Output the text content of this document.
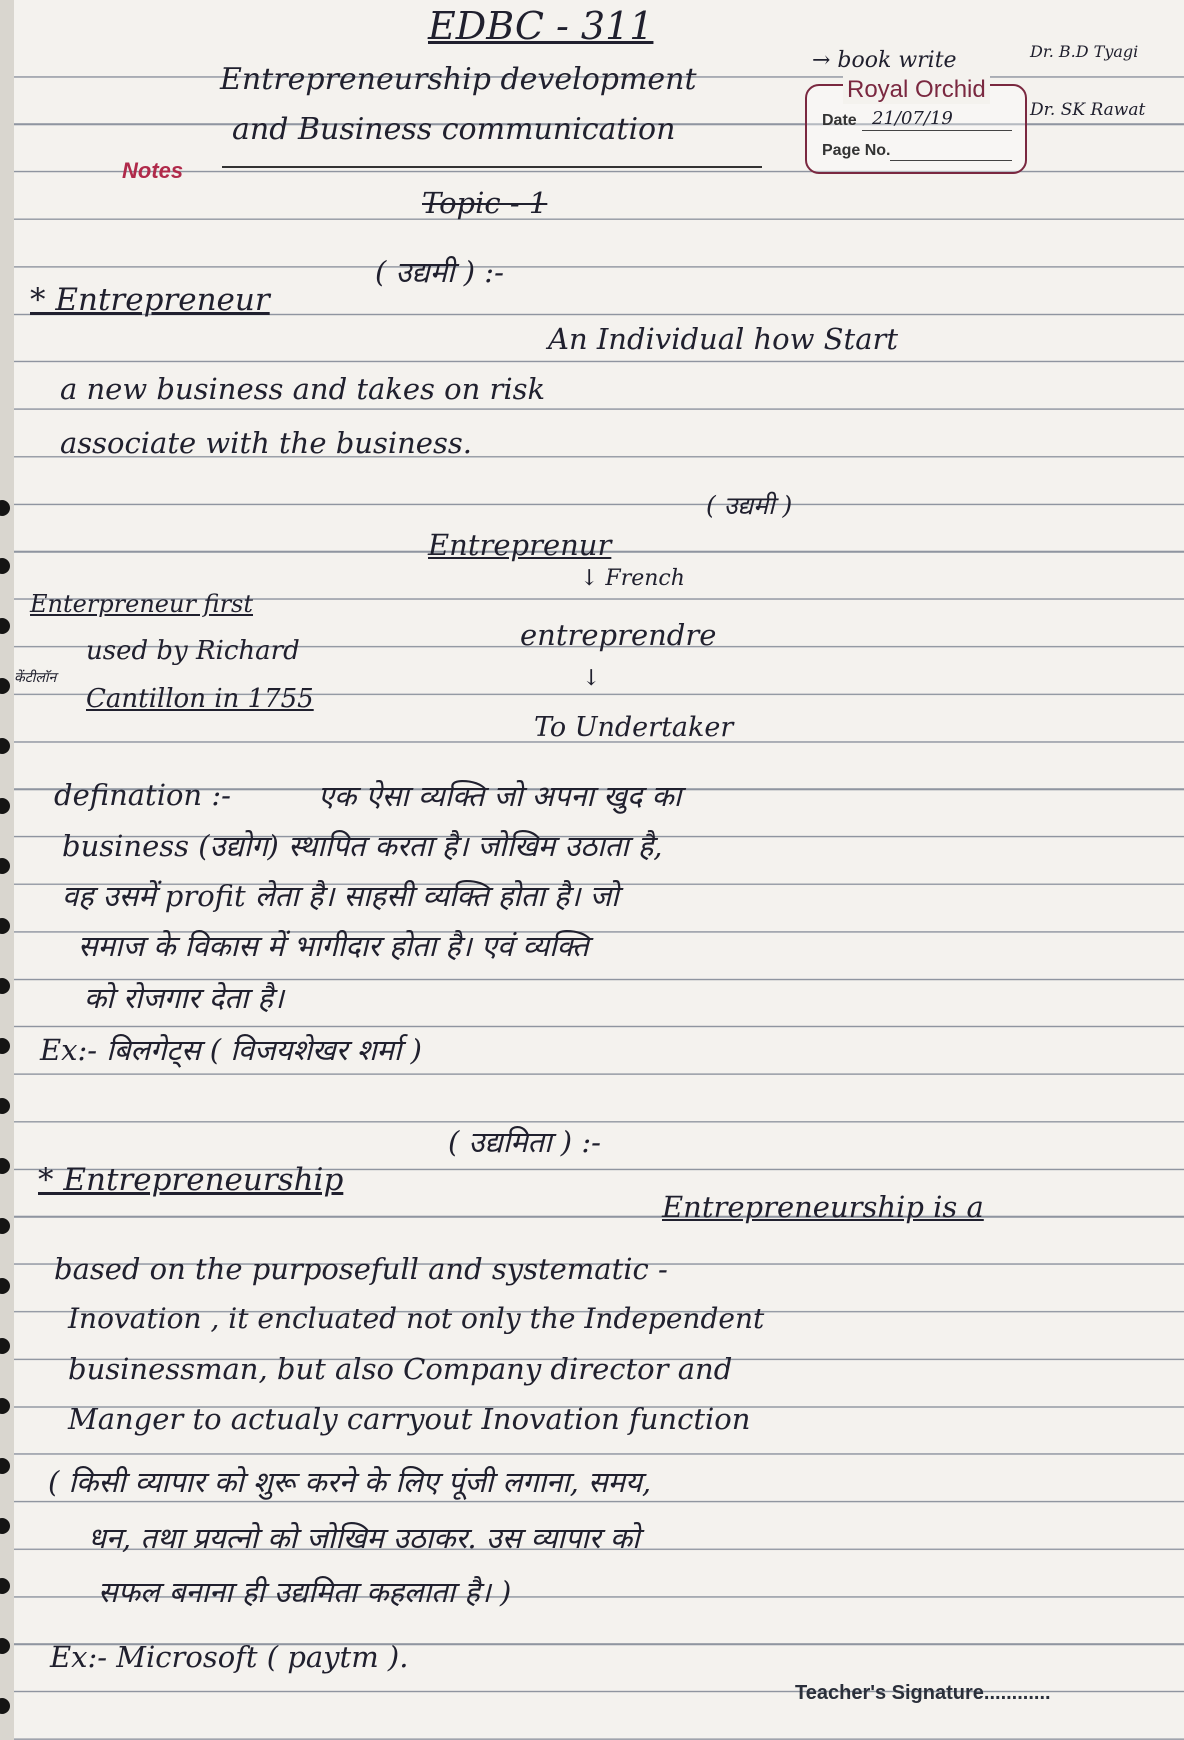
Notes
Royal Orchid
Date
Page No.
Teacher's Signature............
EDBC - 311
Entrepreneurship development
and Business communication
→ book write	Dr. B.D Tyagi
Dr. SK Rawat
21/07/19
Topic - 1
* Entrepreneur
( उद्यमी ) :-
An Individual how Start
a new business and takes on risk
associate with the business.
( उद्यमी )
Entreprenur
↓ French
entreprendre
↓
To Undertaker
Enterpreneur first
used by Richard
Cantillon in 1755
केंटीलॉन
defination :-	एक ऐसा व्यक्ति जो अपना खुद का
business (उद्योग) स्थापित करता है। जोखिम उठाता है,
वह उसमें profit लेता है। साहसी व्यक्ति होता है। जो
समाज के विकास में भागीदार होता है। एवं व्यक्ति
को रोजगार देता है।
Ex:- बिलगेट्स ( विजयशेखर शर्मा )
* Entrepreneurship
( उद्यमिता ) :-
Entrepreneurship is a
based on the purposefull and systematic -
Inovation , it encluated not only the Independent
businessman, but also Company director and
Manger to actualy carryout Inovation function
( किसी व्यापार को शुरू करने के लिए पूंजी लगाना, समय,
धन, तथा प्रयत्नो को जोखिम उठाकर. उस व्यापार को
सफल बनाना ही उद्यमिता कहलाता है। )
Ex:- Microsoft ( paytm ).
